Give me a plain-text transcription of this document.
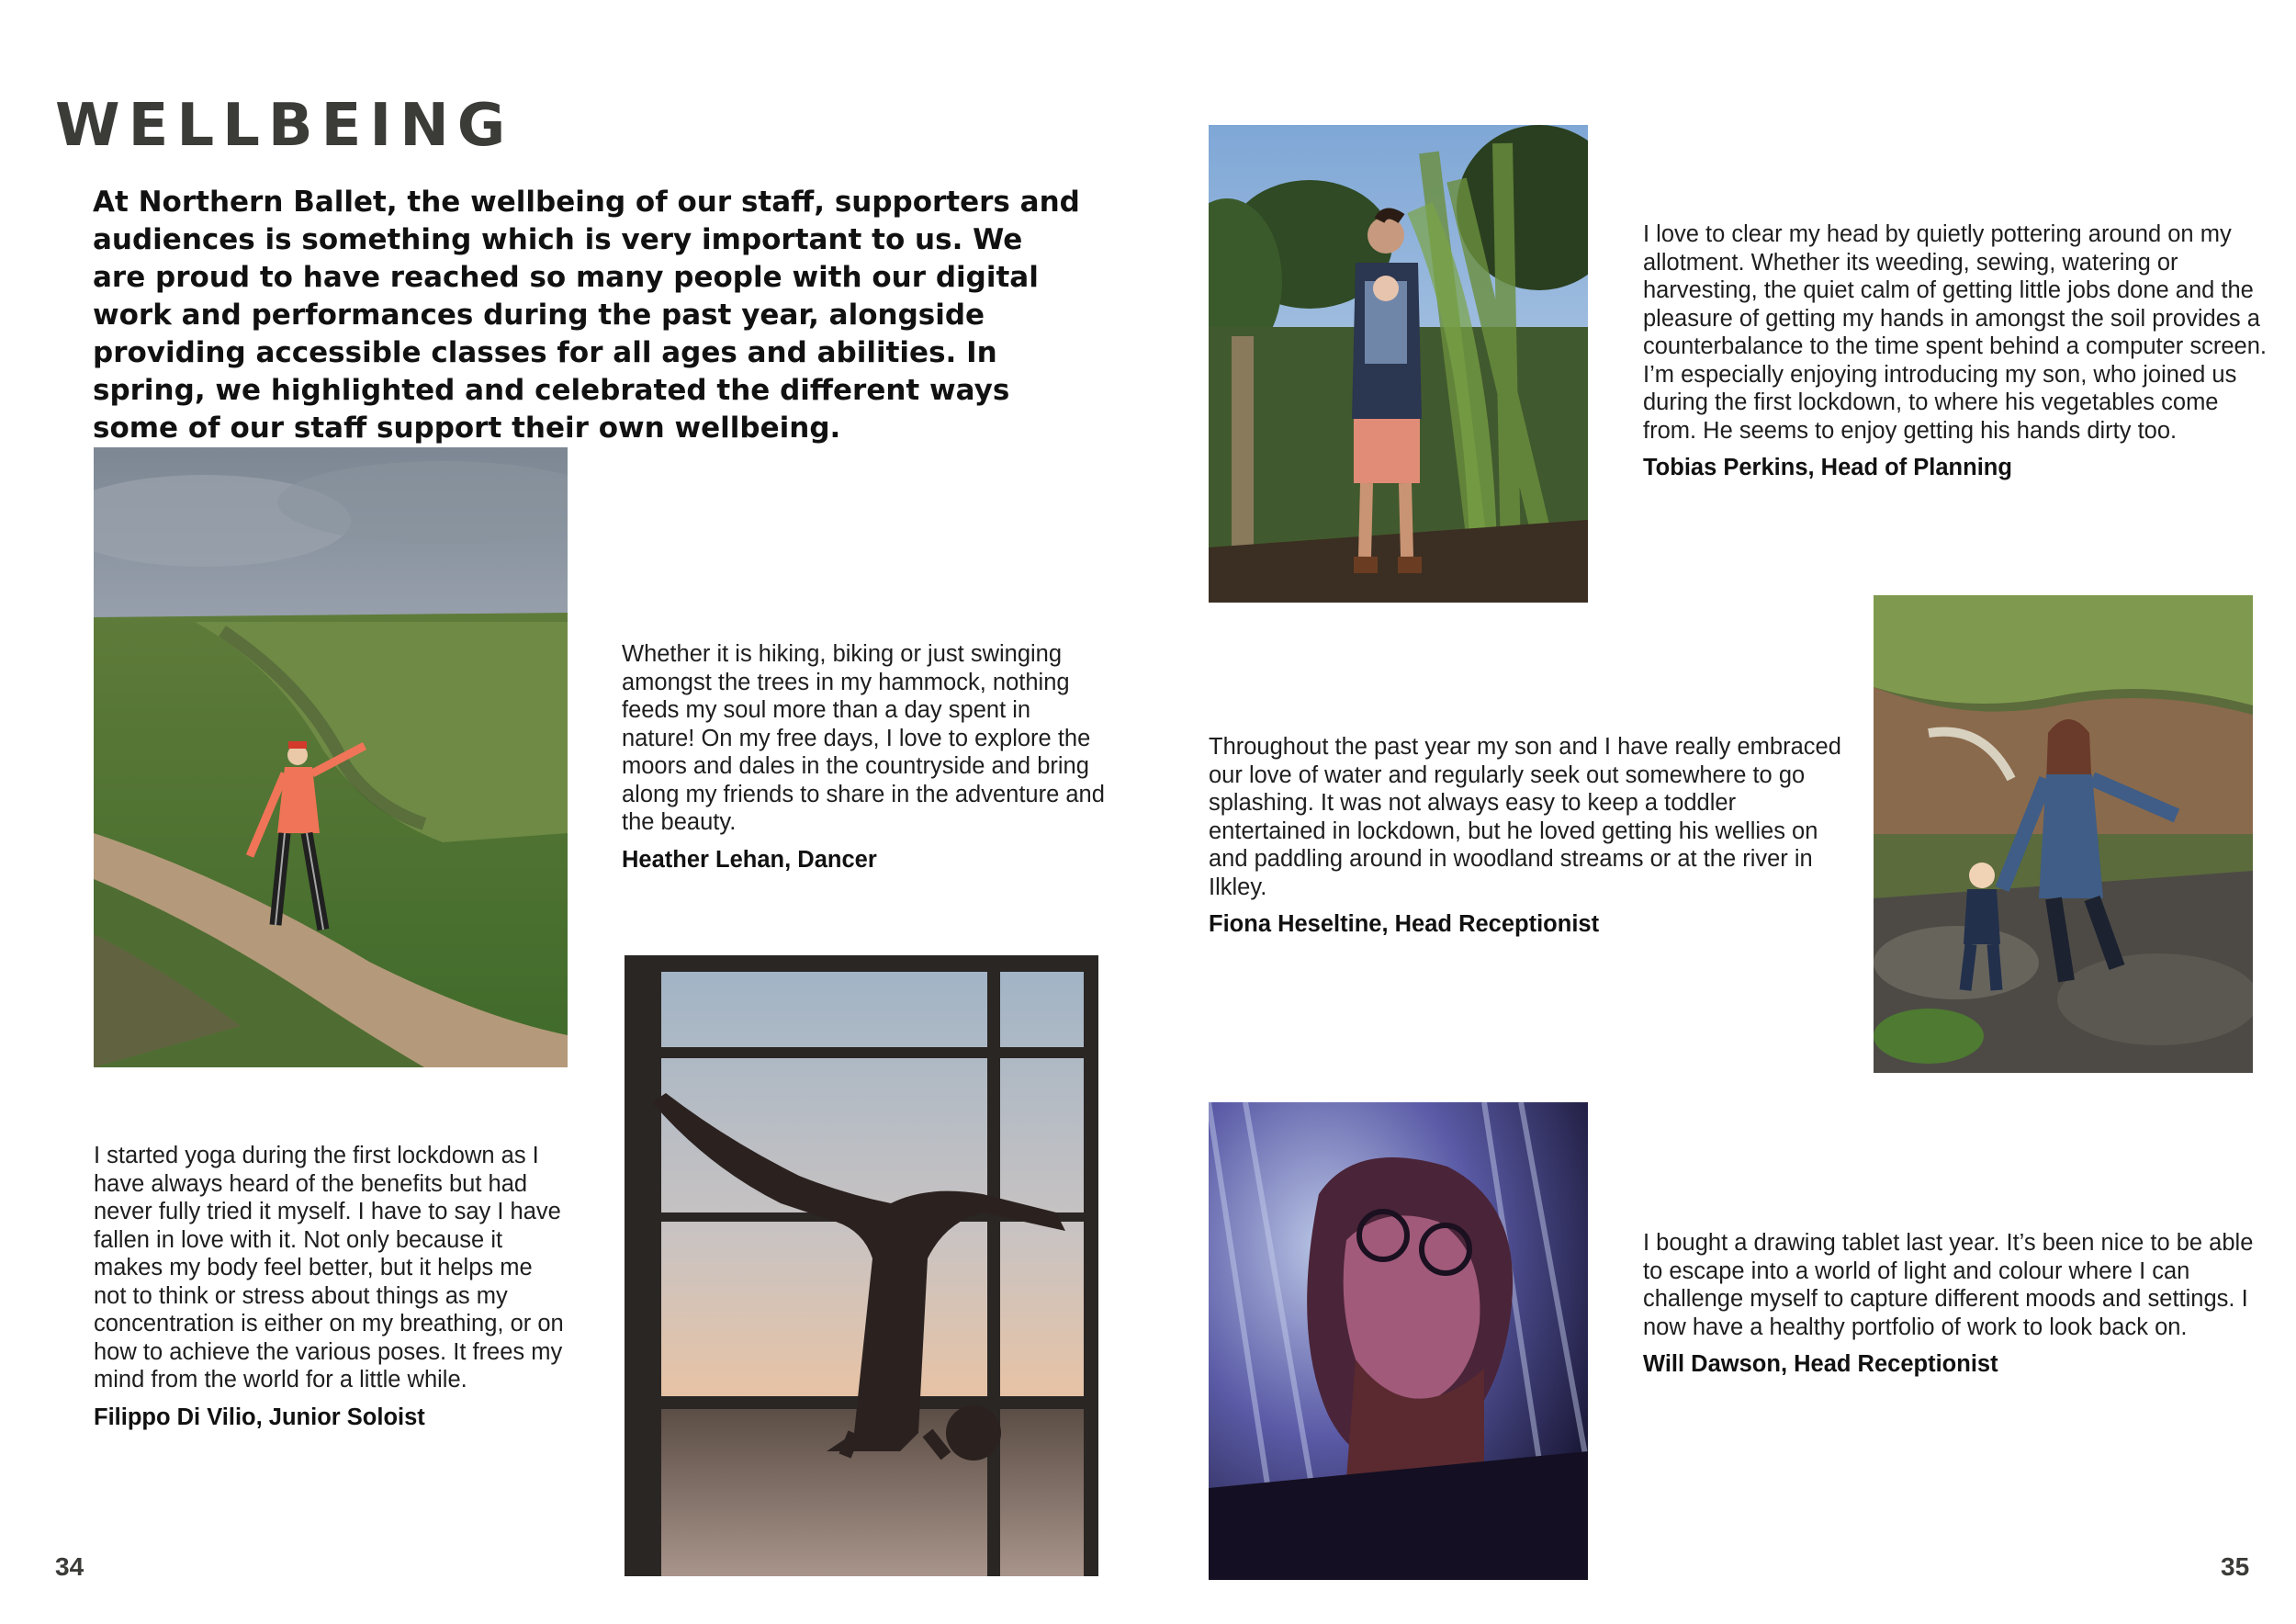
WELLBEING

At Northern Ballet, the wellbeing of our staff, supporters and audiences is something which is very important to us. We are proud to have reached so many people with our digital work and performances during the past year, alongside providing accessible classes for all ages and abilities. In spring, we highlighted and celebrated the different ways some of our staff support their own wellbeing.

Whether it is hiking, biking or just swinging amongst the trees in my hammock, nothing feeds my soul more than a day spent in nature! On my free days, I love to explore the moors and dales in the countryside and bring along my friends to share in the adventure and the beauty.

Heather Lehan, Dancer

I started yoga during the first lockdown as I have always heard of the benefits but had never fully tried it myself. I have to say I have fallen in love with it. Not only because it makes my body feel better, but it helps me not to think or stress about things as my concentration is either on my breathing, or on how to achieve the various poses. It frees my mind from the world for a little while.

Filippo Di Vilio, Junior Soloist

I love to clear my head by quietly pottering around on my allotment. Whether its weeding, sewing, watering or harvesting, the quiet calm of getting little jobs done and the pleasure of getting my hands in amongst the soil provides a counterbalance to the time spent behind a computer screen. I’m especially enjoying introducing my son, who joined us during the first lockdown, to where his vegetables come from. He seems to enjoy getting his hands dirty too.

Tobias Perkins, Head of Planning

Throughout the past year my son and I have really embraced our love of water and regularly seek out somewhere to go splashing. It was not always easy to keep a toddler entertained in lockdown, but he loved getting his wellies on and paddling around in woodland streams or at the river in Ilkley.

Fiona Heseltine, Head Receptionist

I bought a drawing tablet last year. It’s been nice to be able to escape into a world of light and colour where I can challenge myself to capture different moods and settings. I now have a healthy portfolio of work to look back on.

Will Dawson, Head Receptionist

34	35
